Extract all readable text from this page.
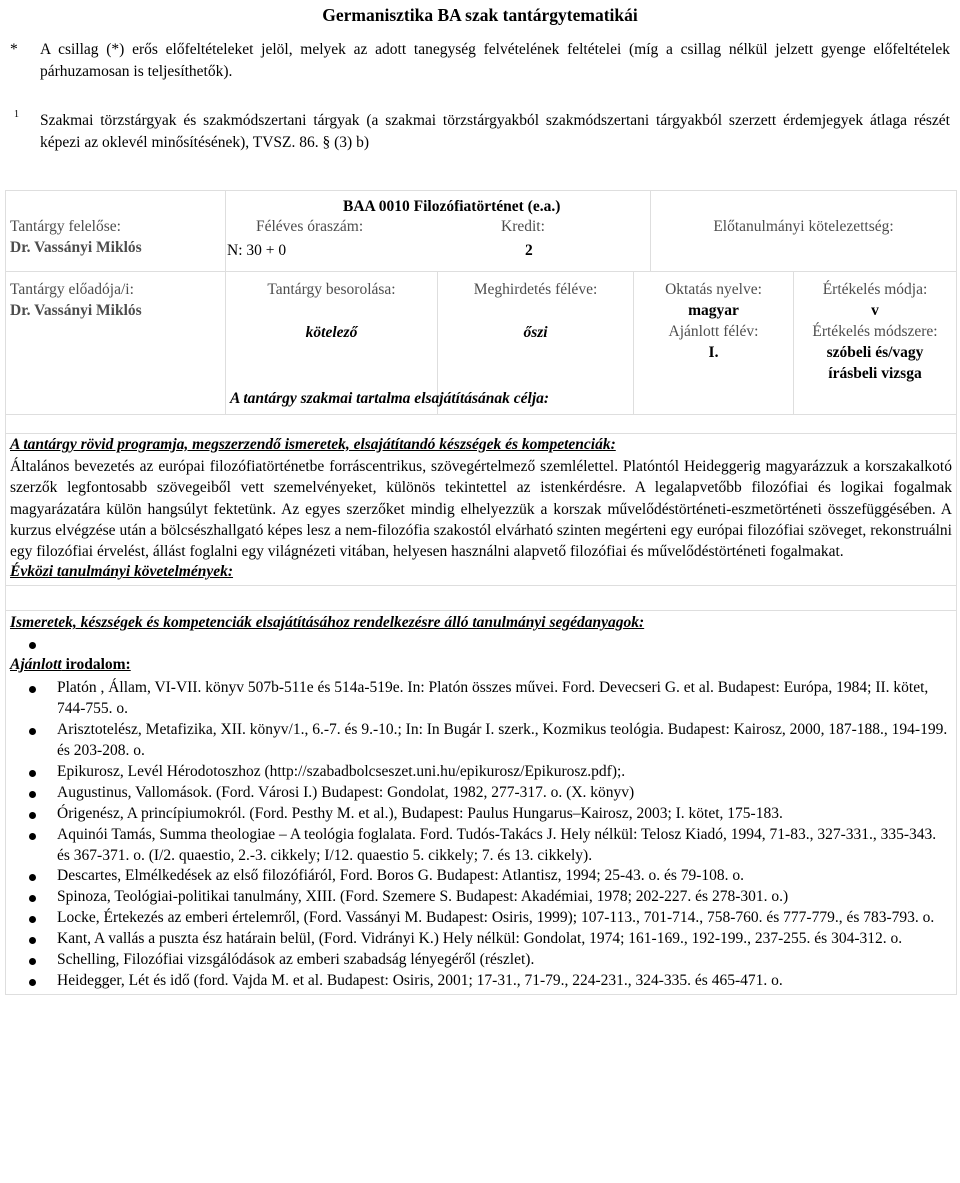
Germanisztika BA szak tantárgytematikái
*	A csillag (*) erős előfeltételeket jelöl, melyek az adott tanegység felvételének feltételei (míg a csillag nélkül jelzett gyenge előfeltételek párhuzamosan is teljesíthetők).
1	Szakmai törzstárgyak és szakmódszertani tárgyak (a szakmai törzstárgyakból szakmódszertani tárgyakból szerzett érdemjegyek átlaga részét képezi az oklevél minősítésének), TVSZ. 86. § (3) b)
Tantárgy felelőse:
Dr. Vassányi Miklós
BAA 0010 Filozófiatörténet (e.a.)
Féléves óraszám:
N: 30 + 0
Kredit:
2
Előtanulmányi kötelezettség:
Tantárgy előadója/i:
Dr. Vassányi Miklós
Tantárgy besorolása:
kötelező
A tantárgy szakmai tartalma elsajátításának célja:
Meghirdetés féléve:
őszi
Oktatás nyelve:
magyar
Ajánlott félév:
I.
Értékelés módja:
v
Értékelés módszere:
szóbeli és/vagy írásbeli vizsga
A tantárgy rövid programja, megszerzendő ismeretek, elsajátítandó készségek és kompetenciák:
Általános bevezetés az európai filozófiatörténetbe forráscentrikus, szövegértelmező szemlélettel. Platóntól Heideggerig magyarázzuk a korszakalkotó szerzők legfontosabb szövegeiből vett szemelvényeket, különös tekintettel az istenkérdésre. A legalapvetőbb filozófiai és logikai fogalmak magyarázatára külön hangsúlyt fektetünk. Az egyes szerzőket mindig elhelyezzük a korszak művelődéstörténeti-eszmetörténeti összefüggésében. A kurzus elvégzése után a bölcsészhallgató képes lesz a nem-filozófia szakostól elvárható szinten megérteni egy európai filozófiai szöveget, rekonstruálni egy filozófiai érvelést, állást foglalni egy világnézeti vitában, helyesen használni alapvető filozófiai és művelődéstörténeti fogalmakat.
Évközi tanulmányi követelmények:
Ismeretek, készségek és kompetenciák elsajátításához rendelkezésre álló tanulmányi segédanyagok:
Ajánlott irodalom:
Platón , Állam, VI-VII. könyv 507b-511e és 514a-519e. In: Platón összes művei. Ford. Devecseri G. et al. Budapest: Európa, 1984; II. kötet, 744-755. o.
Arisztotelész, Metafizika, XII. könyv/1., 6.-7. és 9.-10.; In: In Bugár I. szerk., Kozmikus teológia. Budapest: Kairosz, 2000, 187-188., 194-199. és 203-208. o.
Epikurosz, Levél Hérodotoszhoz (http://szabadbolcseszet.uni.hu/epikurosz/Epikurosz.pdf);.
Augustinus, Vallomások. (Ford. Városi I.) Budapest: Gondolat, 1982, 277-317. o. (X. könyv)
Órigenész, A princípiumokról. (Ford. Pesthy M. et al.), Budapest: Paulus Hungarus–Kairosz, 2003; I. kötet, 175-183.
Aquinói Tamás, Summa theologiae – A teológia foglalata. Ford. Tudós-Takács J. Hely nélkül: Telosz Kiadó, 1994, 71-83., 327-331., 335-343. és 367-371. o. (I/2. quaestio, 2.-3. cikkely; I/12. quaestio 5. cikkely; 7. és 13. cikkely).
Descartes, Elmélkedések az első filozófiáról, Ford. Boros G. Budapest: Atlantisz, 1994; 25-43. o. és 79-108. o.
Spinoza, Teológiai-politikai tanulmány, XIII. (Ford. Szemere S. Budapest: Akadémiai, 1978; 202-227. és 278-301. o.)
Locke, Értekezés az emberi értelemről, (Ford. Vassányi M. Budapest: Osiris, 1999); 107-113., 701-714., 758-760. és 777-779., és 783-793. o.
Kant, A vallás a puszta ész határain belül, (Ford. Vidrányi K.) Hely nélkül: Gondolat, 1974; 161-169., 192-199., 237-255. és 304-312. o.
Schelling, Filozófiai vizsgálódások az emberi szabadság lényegéről (részlet).
Heidegger, Lét és idő (ford. Vajda M. et al. Budapest: Osiris, 2001; 17-31., 71-79., 224-231., 324-335. és 465-471. o.
